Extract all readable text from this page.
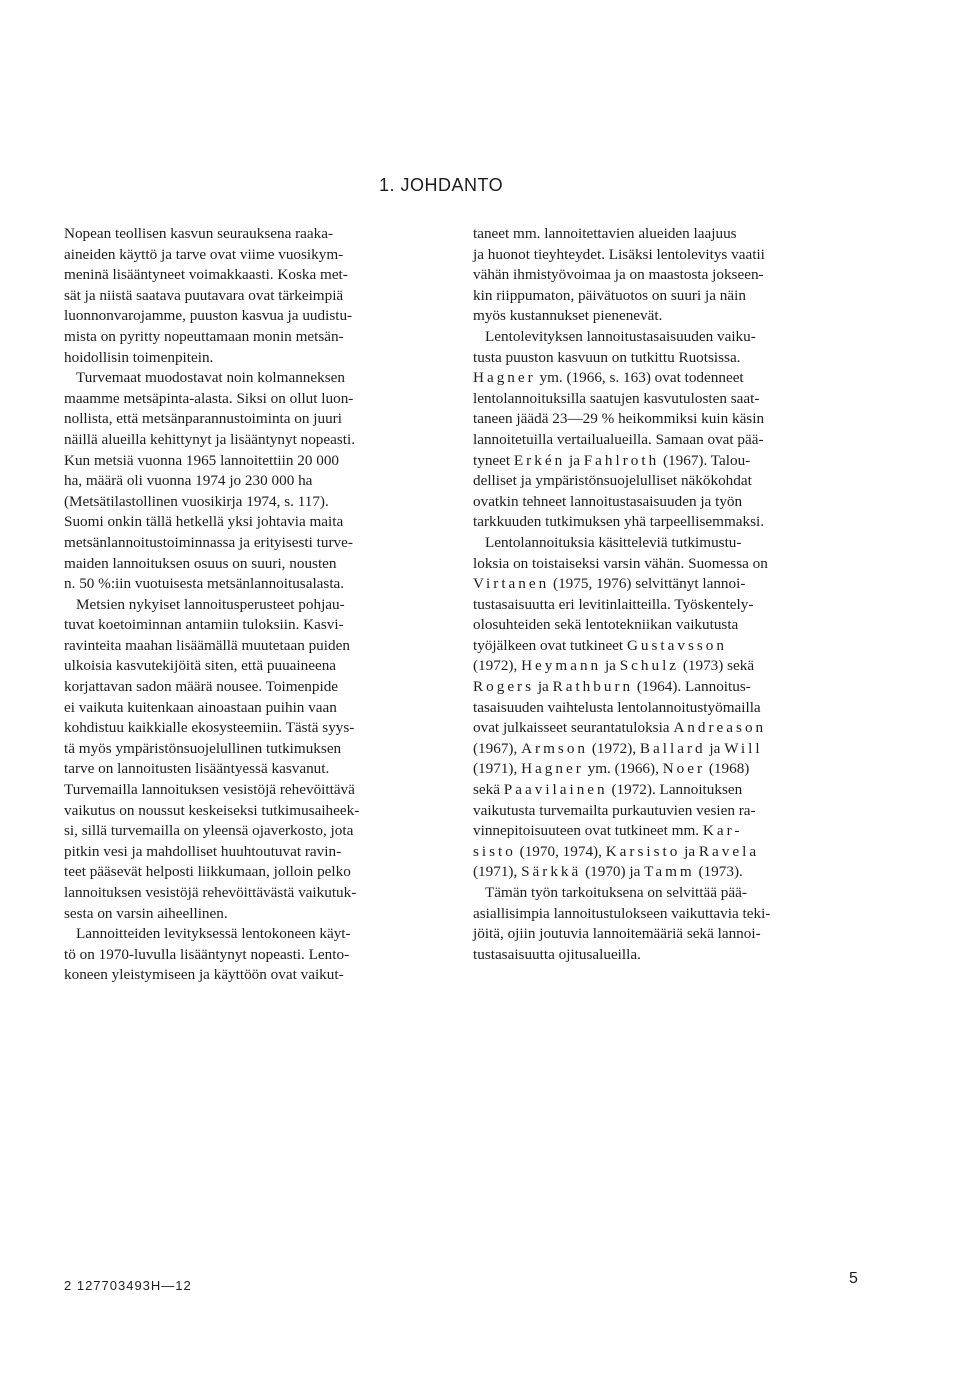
1. JOHDANTO

Nopean teollisen kasvun seurauksena raaka-

aineiden käyttö ja tarve ovat viime vuosikym-

meninä lisääntyneet voimakkaasti. Koska met-

sät ja niistä saatava puutavara ovat tärkeimpiä

luonnonvarojamme, puuston kasvua ja uudistu-

mista on pyritty nopeuttamaan monin metsän-

hoidollisin toimenpitein.

Turvemaat muodostavat noin kolmanneksen

maamme metsäpinta-alasta. Siksi on ollut luon-

nollista, että metsänparannustoiminta on juuri

näillä alueilla kehittynyt ja lisääntynyt nopeasti.

Kun metsiä vuonna 1965 lannoitettiin 20 000

ha, määrä oli vuonna 1974 jo 230 000 ha

(Metsätilastollinen vuosikirja 1974, s. 117).

Suomi onkin tällä hetkellä yksi johtavia maita

metsänlannoitustoiminnassa ja erityisesti turve-

maiden lannoituksen osuus on suuri, nousten

n. 50 %:iin vuotuisesta metsänlannoitusalasta.

Metsien nykyiset lannoitusperusteet pohjau-

tuvat koetoiminnan antamiin tuloksiin. Kasvi-

ravinteita maahan lisäämällä muutetaan puiden

ulkoisia kasvutekijöitä siten, että puuaineena

korjattavan sadon määrä nousee. Toimenpide

ei vaikuta kuitenkaan ainoastaan puihin vaan

kohdistuu kaikkialle ekosysteemiin. Tästä syys-

tä myös ympäristönsuojelullinen tutkimuksen

tarve on lannoitusten lisääntyessä kasvanut.

Turvemailla lannoituksen vesistöjä rehevöittävä

vaikutus on noussut keskeiseksi tutkimusaiheek-

si, sillä turvemailla on yleensä ojaverkosto, jota

pitkin vesi ja mahdolliset huuhtoutuvat ravin-

teet pääsevät helposti liikkumaan, jolloin pelko

lannoituksen vesistöjä rehevöittävästä vaikutuk-

sesta on varsin aiheellinen.

Lannoitteiden levityksessä lentokoneen käyt-

tö on 1970-luvulla lisääntynyt nopeasti. Lento-

koneen yleistymiseen ja käyttöön ovat vaikut-

taneet mm. lannoitettavien alueiden laajuus

ja huonot tieyhteydet. Lisäksi lentolevitys vaatii

vähän ihmistyövoimaa ja on maastosta jokseen-

kin riippumaton, päivätuotos on suuri ja näin

myös kustannukset pienenevät.

Lentolevityksen lannoitustasaisuuden vaiku-

tusta puuston kasvuun on tutkittu Ruotsissa.

Hagner ym. (1966, s. 163) ovat todenneet

lentolannoituksilla saatujen kasvutulosten saat-

taneen jäädä 23—29 % heikommiksi kuin käsin

lannoitetuilla vertailualueilla. Samaan ovat pää-

tyneet Erkén ja Fahlroth (1967). Talou-

delliset ja ympäristönsuojelulliset näkökohdat

ovatkin tehneet lannoitustasaisuuden ja työn

tarkkuuden tutkimuksen yhä tarpeellisemmaksi.

Lentolannoituksia käsitteleviä tutkimustu-

loksia on toistaiseksi varsin vähän. Suomessa on

Virtanen (1975, 1976) selvittänyt lannoi-

tustasaisuutta eri levitinlaitteilla. Työskentely-

olosuhteiden sekä lentotekniikan vaikutusta

työjälkeen ovat tutkineet Gustavsson

(1972), Heymann ja Schulz (1973) sekä

Rogers ja Rathburn (1964). Lannoitus-

tasaisuuden vaihtelusta lentolannoitustyömailla

ovat julkaisseet seurantatuloksia Andreason

(1967), Armson (1972), Ballard ja Will

(1971), Hagner ym. (1966), Noer (1968)

sekä Paavilainen (1972). Lannoituksen

vaikutusta turvemailta purkautuvien vesien ra-

vinnepitoisuuteen ovat tutkineet mm. Kar-

sisto (1970, 1974), Karsisto ja Ravela

(1971), Särkkä (1970) ja Tamm (1973).

Tämän työn tarkoituksena on selvittää pää-

asiallisimpia lannoitustulokseen vaikuttavia teki-

jöitä, ojiin joutuvia lannoitemääriä sekä lannoi-

tustasaisuutta ojitusalueilla.

2 127703493H—12	5
